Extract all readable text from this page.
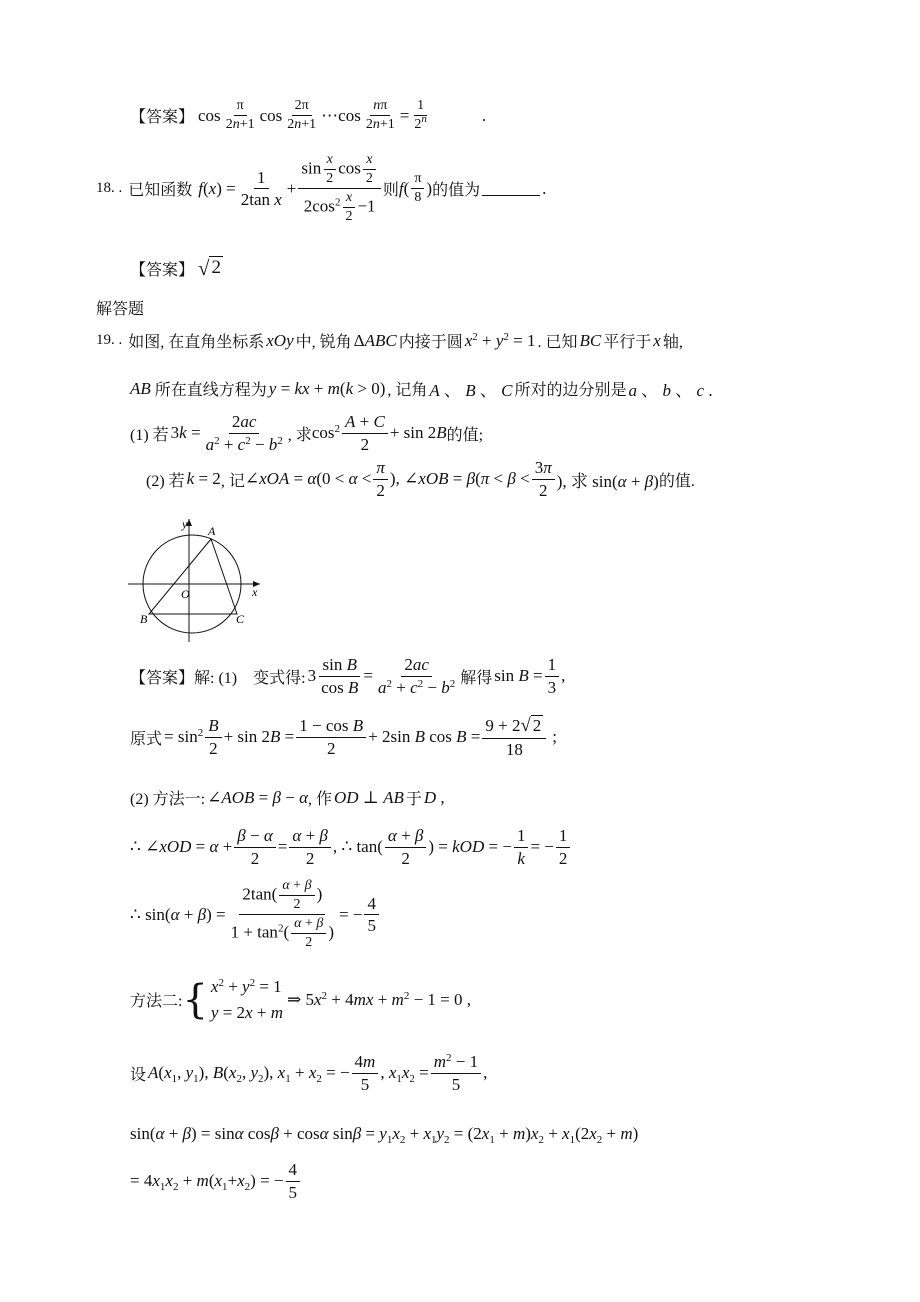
【答案】 $\cos \frac{\pi}{2n+1}$ $\cos \frac{2\pi}{2n+1}$ ⋯cos $\frac{n\pi}{2n+1} = \frac{1}{2^n}$	.
18. . 已知函数 $f(x) = \frac{1}{\text{2tan x}} + \frac{\sin \frac{x}{2} \cos \frac{x}{2}}{2\cos^2 \frac{x}{2} -1}$ 则 $f( \frac{\pi}{8}$ ) 的值为	.
【答案】 √ 2
解答题
19. . 如图, 在直角坐标系 xOy 中, 锐角 ΔABC 内接于圆 $x^2 + y^2 = 1$ . 已知 BC 平行于 x 轴,
AB 所在直线方程为 y = kx + m(k > 0) , 记角 A 、 B 、 C 所对的边分别是 a 、 b 、 c .
(1) 若 $3k = \frac{2ac}{a^2 + c^2 - b^2}$ , 求 $\cos^2 \frac{A + C}{2} + \sin 2B$ 的值;
(2) 若 k = 2 , 记 ∠xOA = $\alpha(0 < \alpha < \frac{\pi}{2}$ ), ∠xOB = $\beta(\pi < \beta < \frac{3\pi}{2}$ ), 求 sin(α + β) 的值.
y A
O	x
B	C
【答案】 解: (1)　变式得: $3 \frac{\text{sin B}}{\text{cos B}} = \frac{2ac}{a^2 + c^2 - b^2}$ 解得 $\sin B = \frac{1}{3}$ ,
原式 = $\sin^2 \frac{B}{2} + \sin 2B = \frac{\text{1 − cos B}}{2} + 2\sin$ B $\cos B = \frac{9 + 2 √ 2}{18}$ ;
(2) 方法一: ∠AOB = β − α , 作 OD ⊥ AB 于 D ,
∴ ∠xOD = $\alpha + \frac{\beta - \alpha}{2} = \frac{\alpha + \beta}{2}$ , ∴ $\tan( \frac{\alpha + \beta}{2}$ ) = kOD = − $\frac{1}{k}$ = − $\frac{1}{2}$
∴ $\sin(\alpha + \beta) = \frac{2\tan( \frac{\alpha + \beta}{2} )}{1 + \tan^2( \frac{\alpha + \beta}{2} )}$ = − $\frac{4}{5}$
方法二: { $x^2 + y^2 = 1$
y = 2x + m
⇒ $5x^2 + 4mx + m^2 - 1 = 0$ ,
设 $A(x_1$, $y_1$), $B(x_2$, $y_2$), $x_1 + x_2$ = − $\frac{4m}{5}$ , $x_1x_2 = \frac{m^2 - 1}{5}$ ,
sin(α + β) = sinα cosβ + cosα $\sin\beta = y_1x_2 + x_1y_2 = (2x_1 + m)x_2 + x_1(2x_2 + m)$
= $4x_1x_2 + m(x_1+x_2)$ = − $\frac{4}{5}$
